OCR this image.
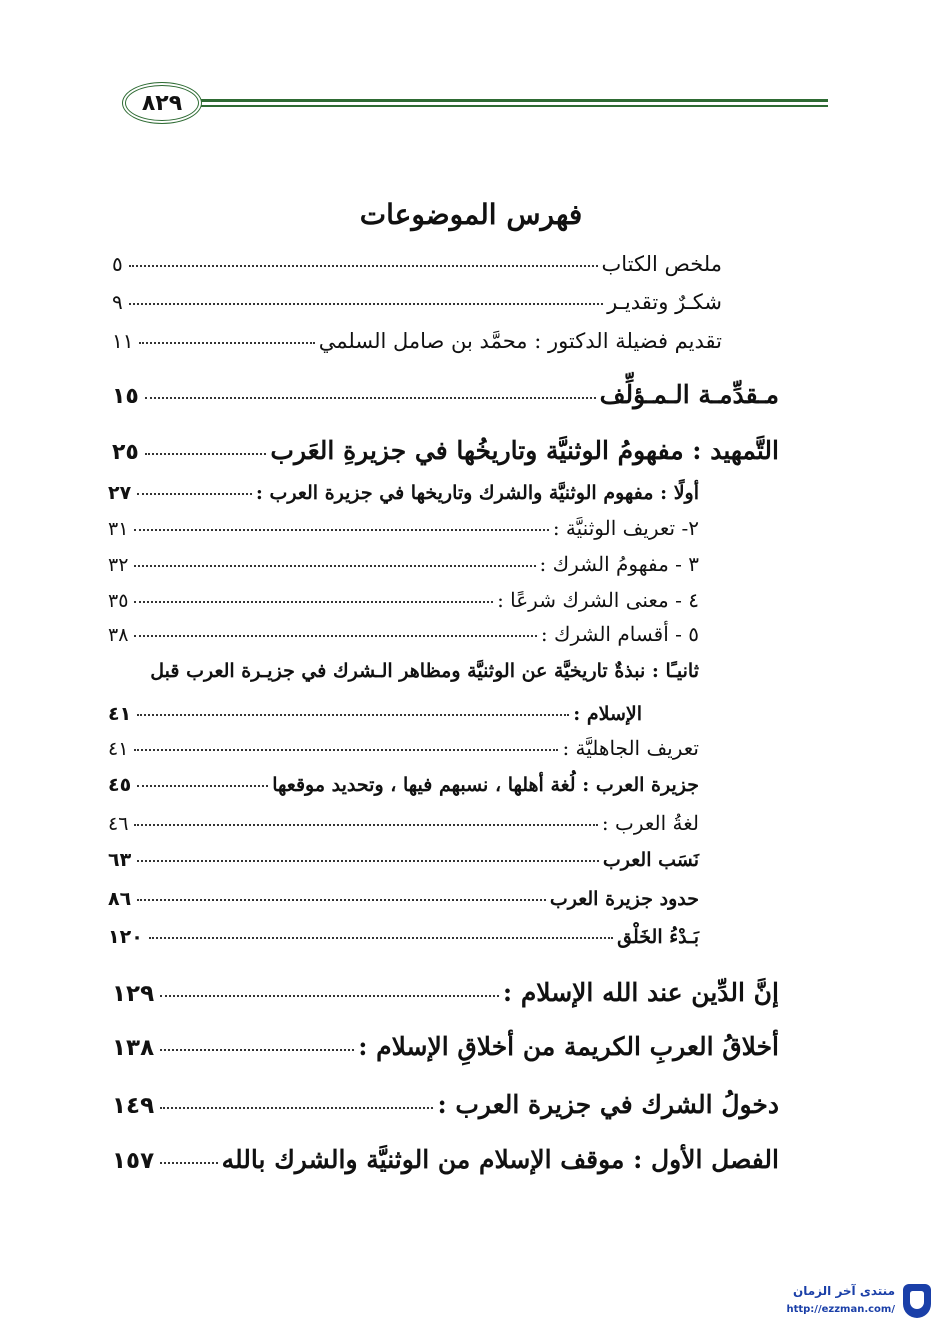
٨٢٩
فهرس الموضوعات
ملخص الكتاب
٥
شكـرٌ وتقديـر
٩
تقديم فضيلة الدكتور : محمَّد بن صامل السلمي
١١
مـقدِّمـة الـمـؤلِّف
١٥
التَّمهيد : مفهومُ الوثنيَّة وتاريخُها في جزيرةِ العَرب
٢٥
أولًا : مفهوم الوثنيَّة والشرك وتاريخها في جزيرة العرب :
٢٧
٢- تعريف الوثنيَّة :
٣١
٣ - مفهومُ الشرك :
٣٢
٤ - معنى الشرك شرعًا :
٣٥
٥ - أقسام الشرك :
٣٨
ثانيـًا : نبذةٌ تاريخيَّة عن الوثنيَّة ومظاهر الـشرك في جزيـرة العرب قبل
الإسلام :
٤١
تعريف الجاهليَّة :
٤١
جزيرة العرب : لُغة أهلها ، نسبهم فيها ، وتحديد موقعها
٤٥
لغةُ العرب :
٤٦
نَسَب العرب
٦٣
حدود جزيرة العرب
٨٦
بَـدْءُ الخَلْق
١٢٠
إنَّ الدِّين عند الله الإسلام :
١٢٩
أخلاقُ العربِ الكريمة من أخلاقِ الإسلام :
١٣٨
دخولُ الشرك في جزيرة العرب :
١٤٩
الفصل الأول : موقف الإسلام من الوثنيَّة والشرك بالله
١٥٧
منتدى آخر الزمان
http://ezzman.com/
